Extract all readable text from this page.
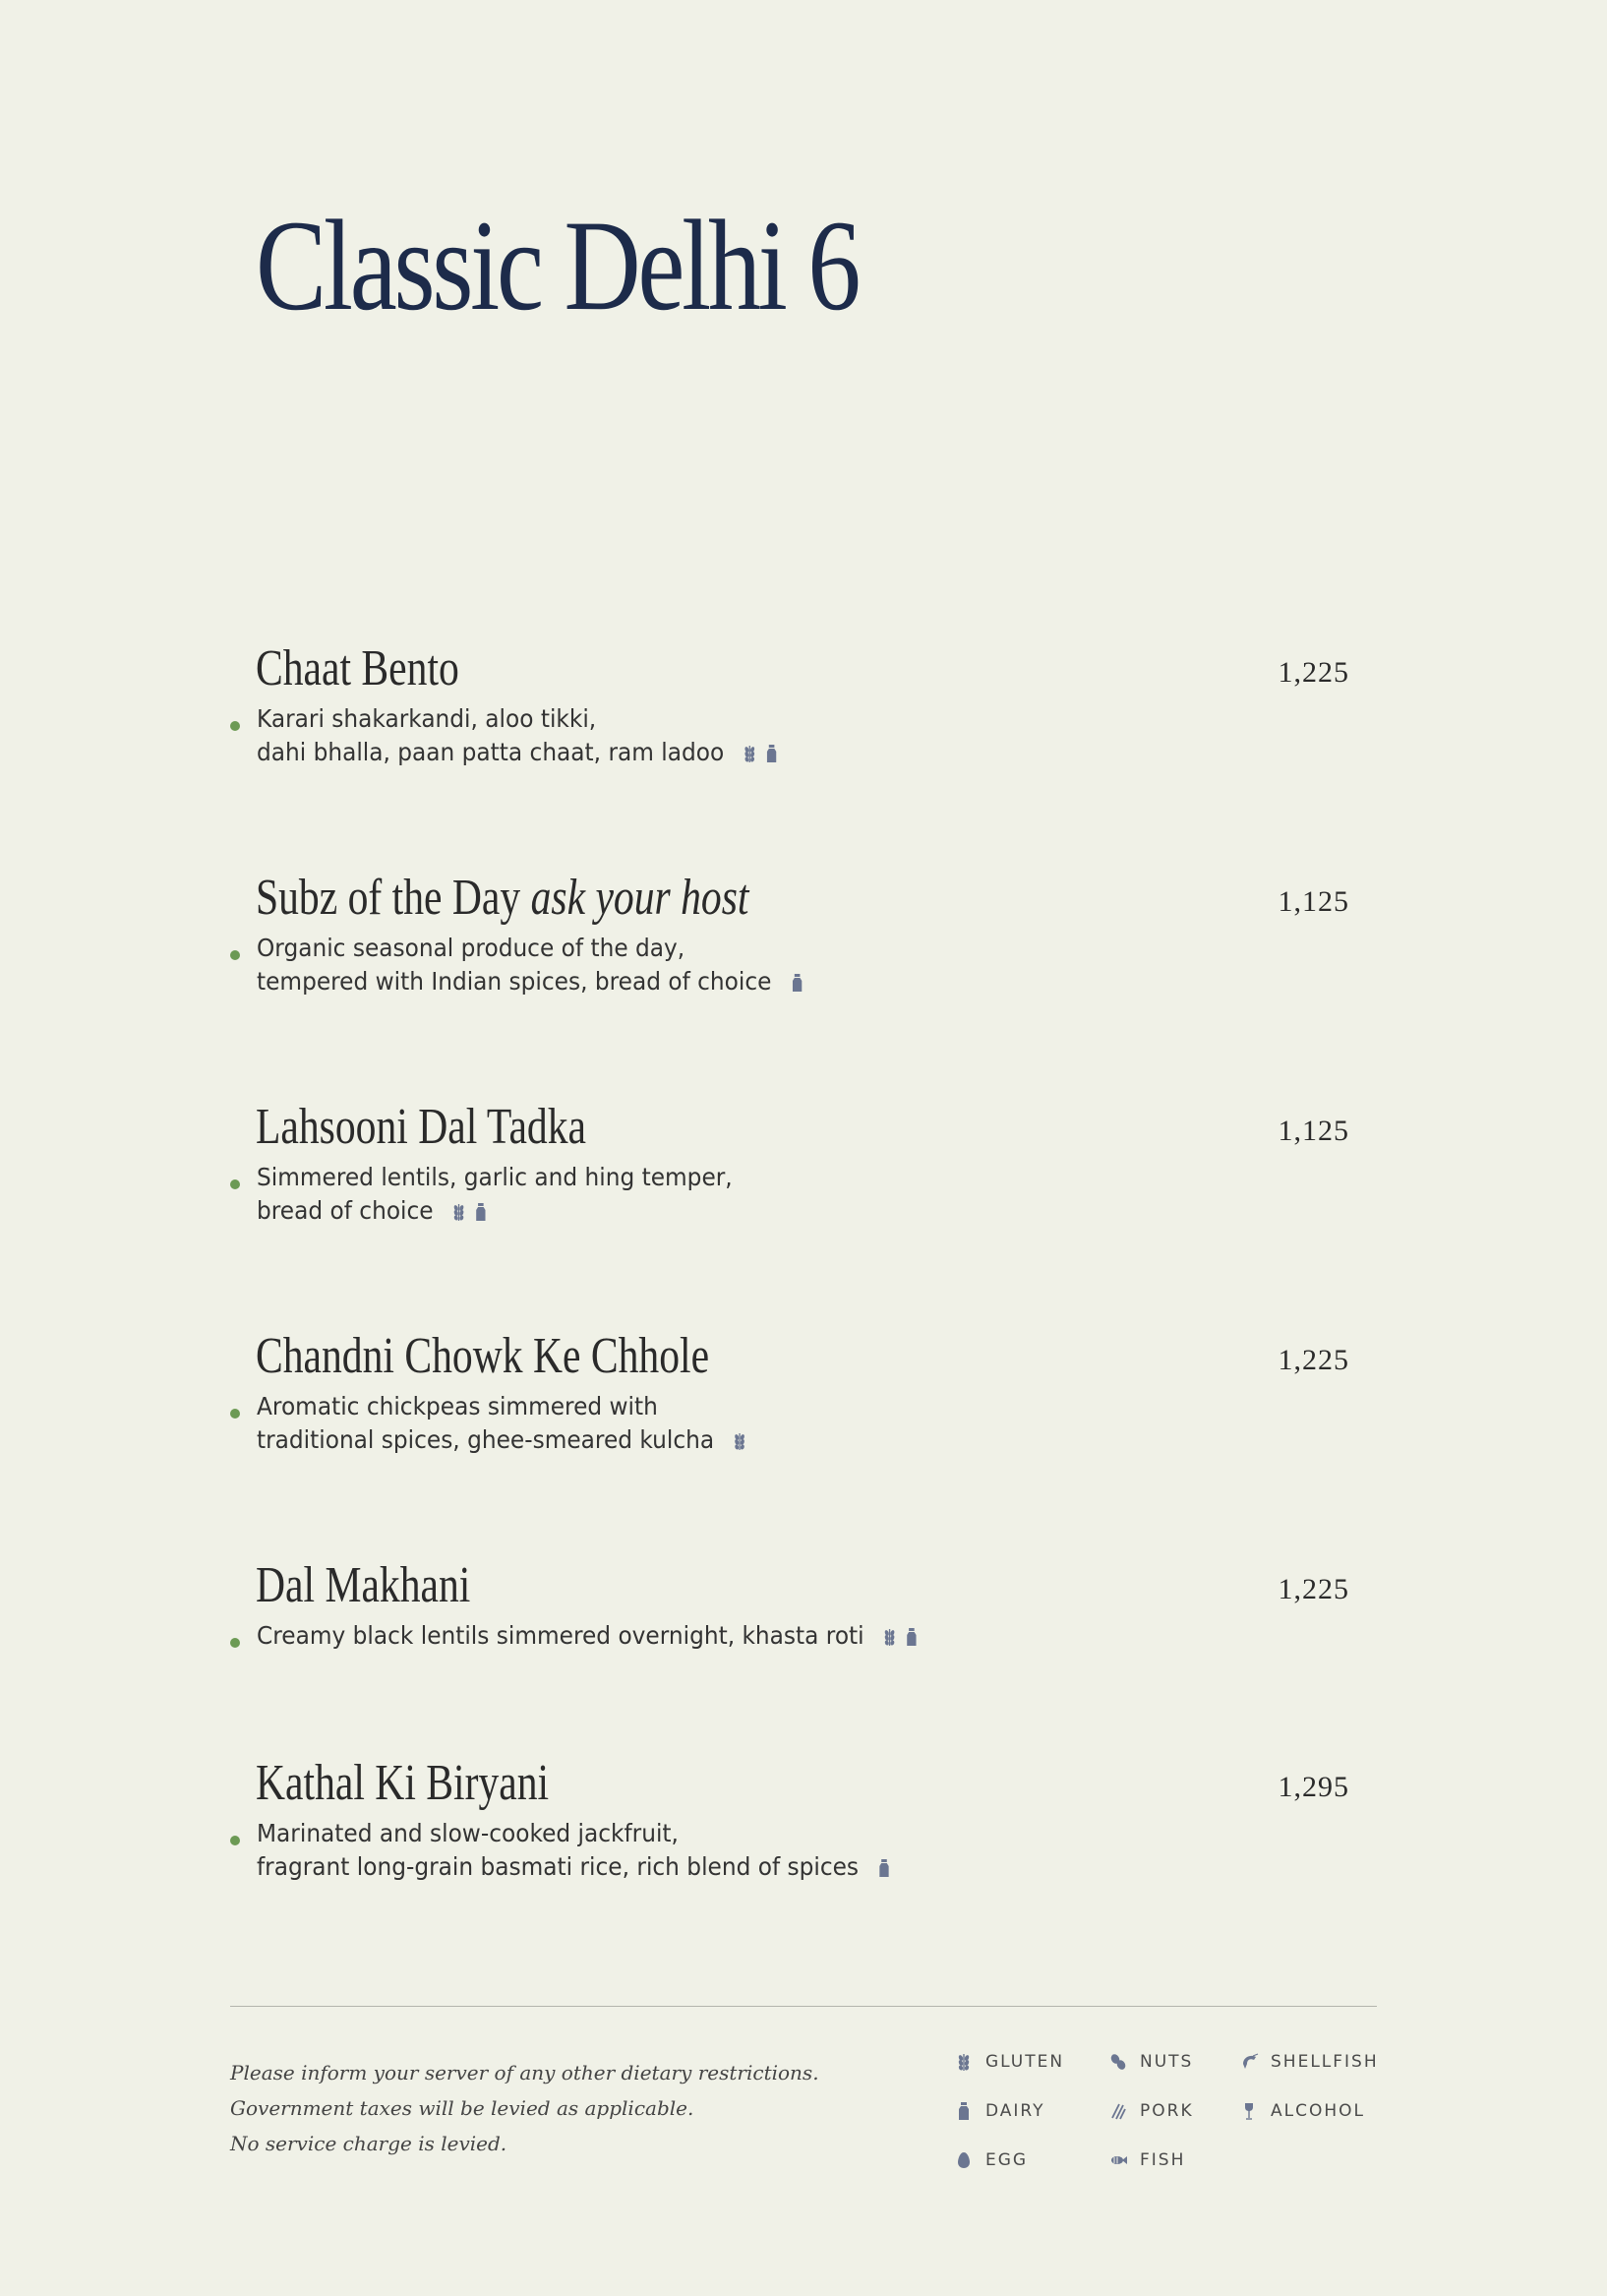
Classic Delhi 6
Chaat Bento	1,225
Karari shakarkandi, aloo tikki,
dahi bhalla, paan patta chaat, ram ladoo
Subz of the Day ask your host	1,125
Organic seasonal produce of the day,
tempered with Indian spices, bread of choice
Lahsooni Dal Tadka	1,125
Simmered lentils, garlic and hing temper,
bread of choice
Chandni Chowk Ke Chhole	1,225
Aromatic chickpeas simmered with
traditional spices, ghee-smeared kulcha
Dal Makhani	1,225
Creamy black lentils simmered overnight, khasta roti
Kathal Ki Biryani	1,295
Marinated and slow-cooked jackfruit,
fragrant long-grain basmati rice, rich blend of spices
Please inform your server of any other dietary restrictions.
Government taxes will be levied as applicable.
No service charge is levied.
GLUTEN	NUTS	SHELLFISH
DAIRY	PORK	ALCOHOL
EGG	FISH
